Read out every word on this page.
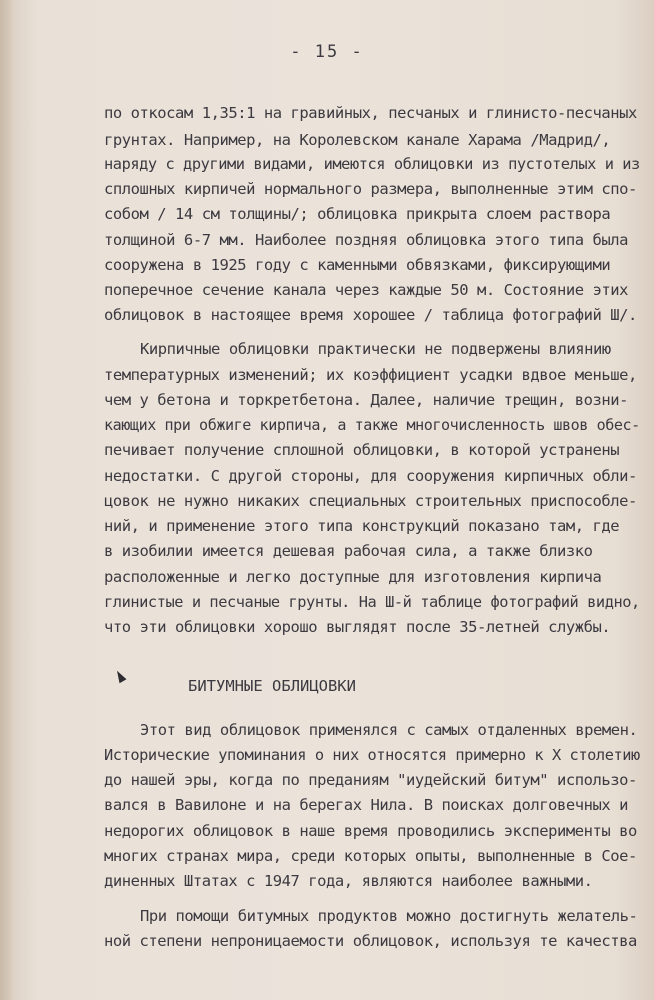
- 15 -
по откосам 1,35:1 на гравийных, песчаных и глинисто-песчаных
грунтах. Например, на Королевском канале Харама /Мадрид/,
наряду с другими видами, имеются облицовки из пустотелых и из
сплошных кирпичей нормального размера, выполненные этим спо-
собом / 14 см толщины/; облицовка прикрыта слоем раствора
толщиной 6-7 мм. Наиболее поздняя облицовка этого типа была
сооружена в 1925 году с каменными обвязками, фиксирующими
поперечное сечение канала через каждые 50 м. Состояние этих
облицовок в настоящее время хорошее / таблица фотографий Ш/.
Кирпичные облицовки практически не подвержены влиянию
температурных изменений; их коэффициент усадки вдвое меньше,
чем у бетона и торкретбетона. Далее, наличие трещин, возни-
кающих при обжиге кирпича, а также многочисленность швов обес-
печивает получение сплошной облицовки, в которой устранены
недостатки. С другой стороны, для сооружения кирпичных обли-
цовок не нужно никаких специальных строительных приспособле-
ний, и применение этого типа конструкций показано там, где
в изобилии имеется дешевая рабочая сила, а также близко
расположенные и легко доступные для изготовления кирпича
глинистые и песчаные грунты. На Ш-й таблице фотографий видно,
что эти облицовки хорошо выглядят после 35-летней службы.
БИТУМНЫЕ ОБЛИЦОВКИ
Этот вид облицовок применялся с самых отдаленных времен.
Исторические упоминания о них относятся примерно к X столетию
до нашей эры, когда по преданиям "иудейский битум" использо-
вался в Вавилоне и на берегах Нила. В поисках долговечных и
недорогих облицовок в наше время проводились эксперименты во
многих странах мира, среди которых опыты, выполненные в Сое-
диненных Штатах с 1947 года, являются наиболее важными.
При помощи битумных продуктов можно достигнуть желатель-
ной степени непроницаемости облицовок, используя те качества
